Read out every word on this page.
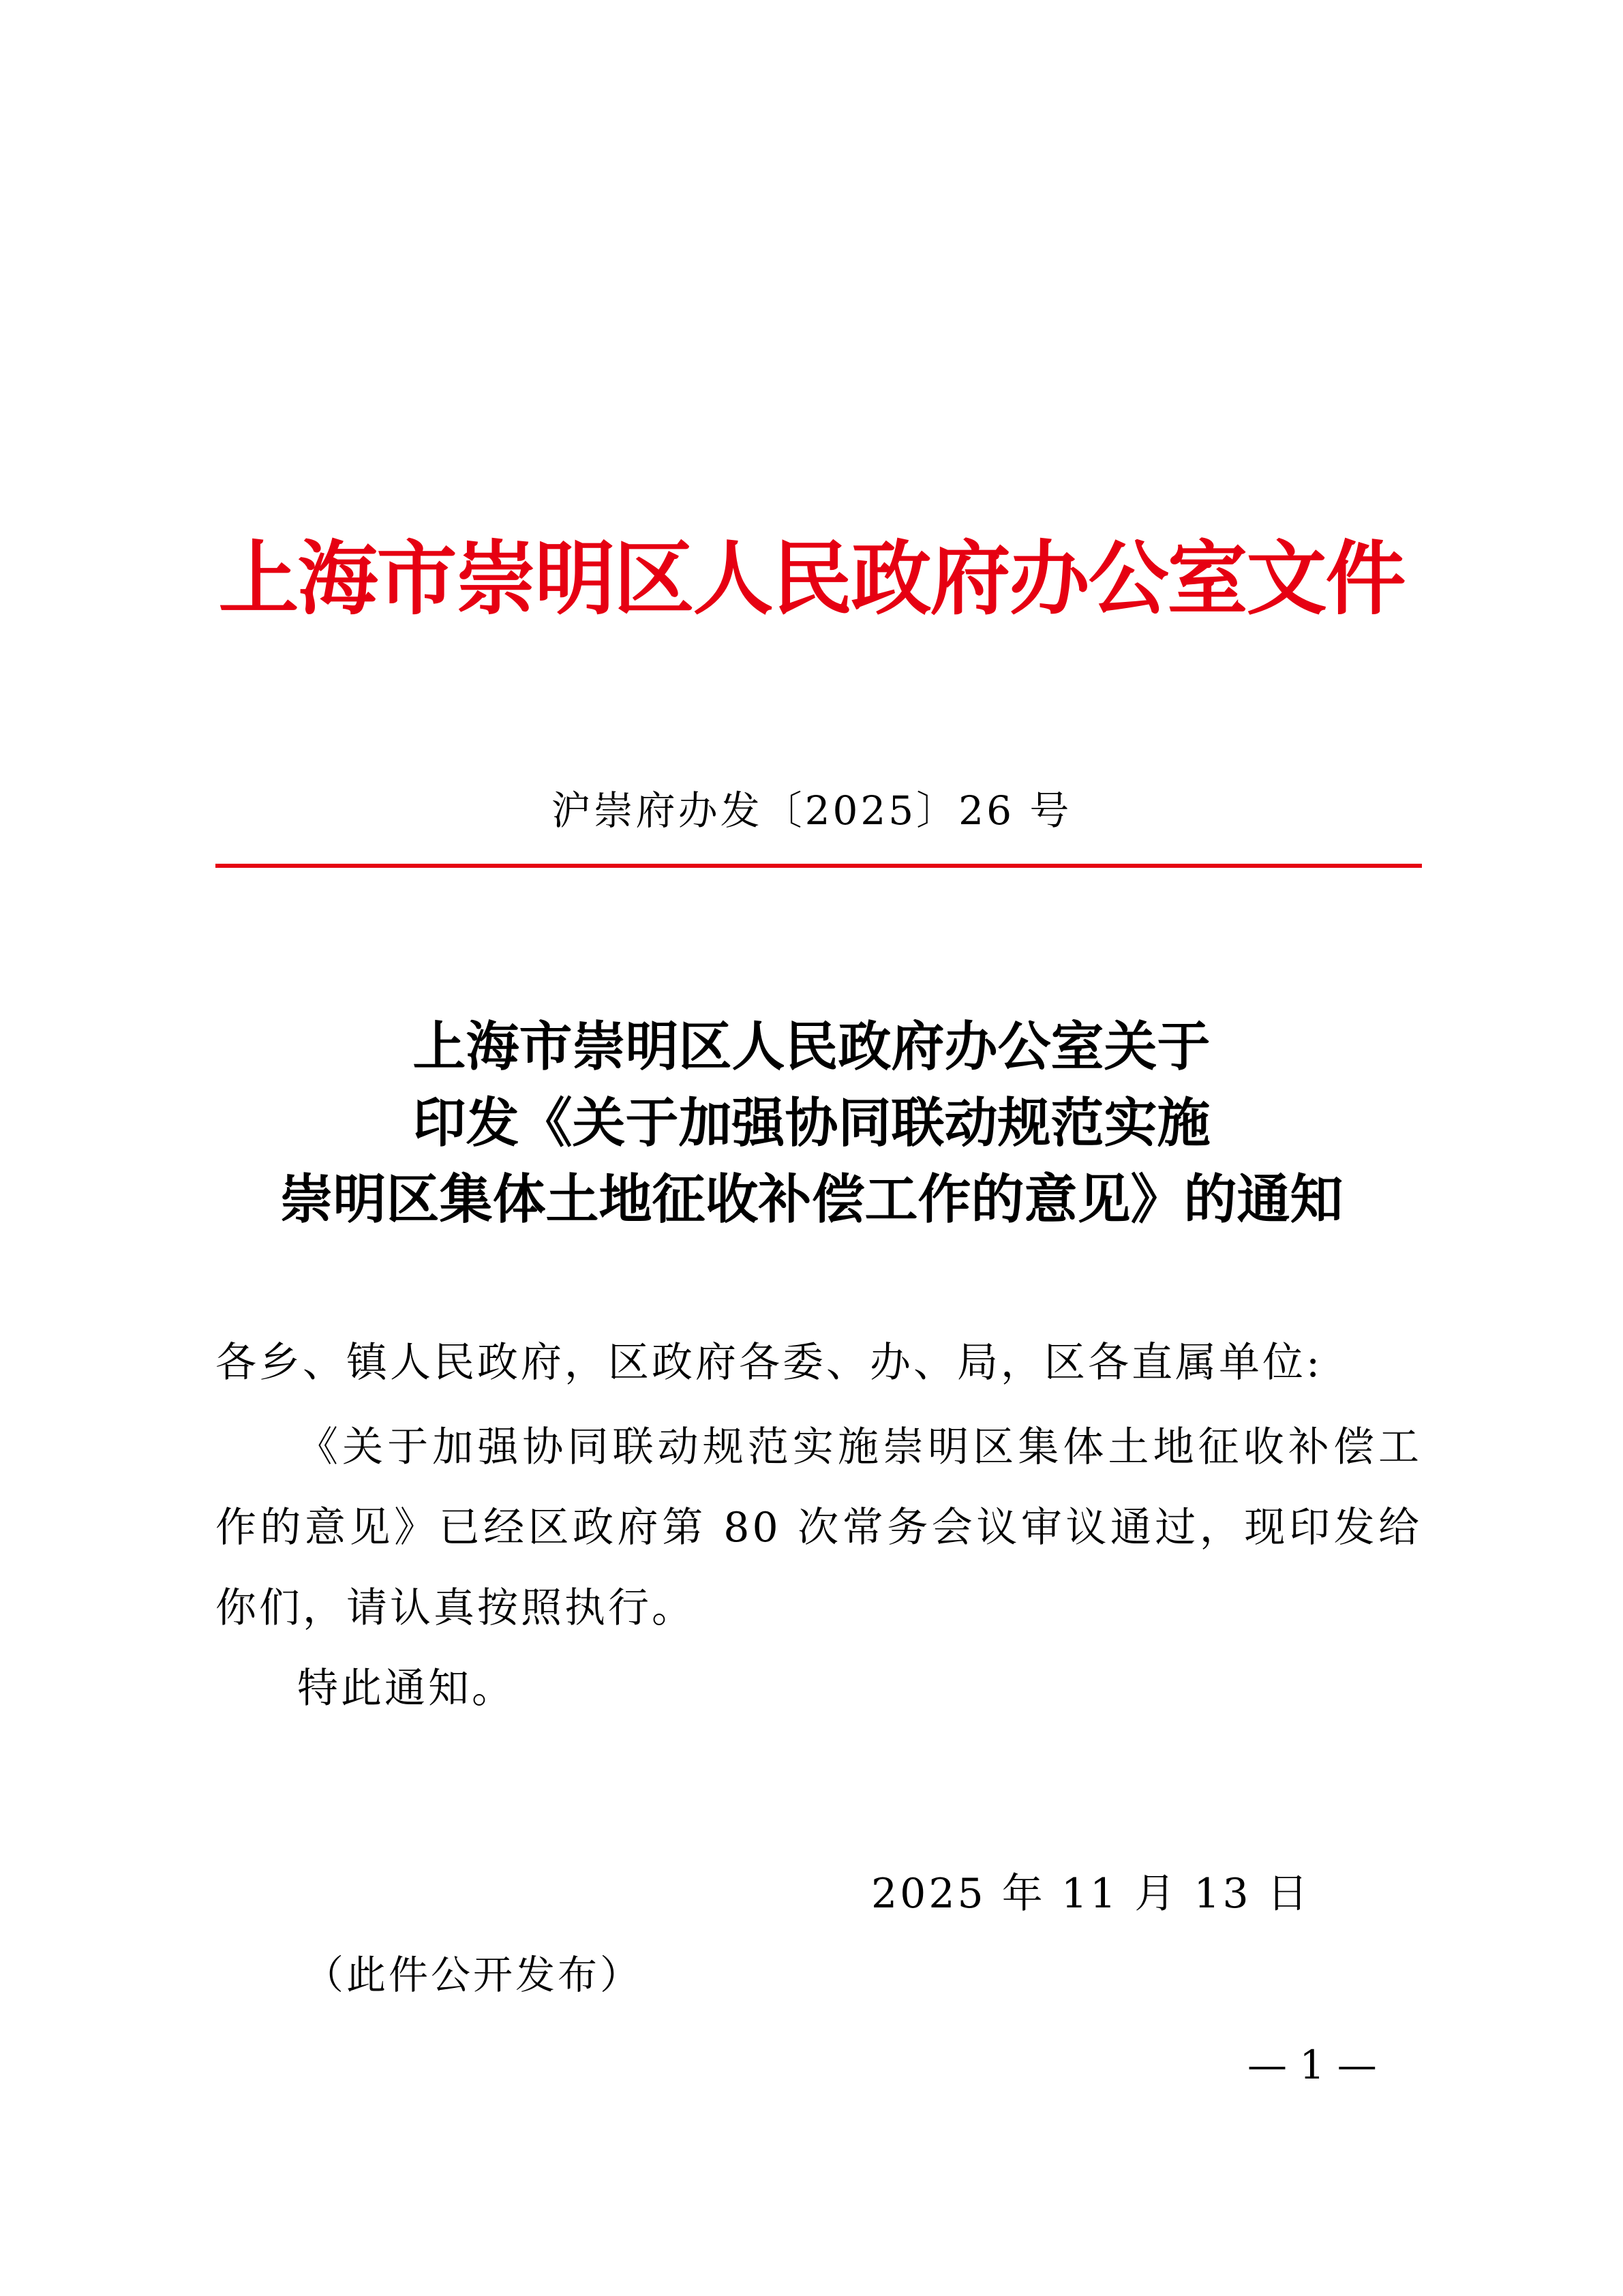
上海市崇明区人民政府办公室文件
沪崇府办发〔2025〕26 号
上海市崇明区人民政府办公室关于
印发《关于加强协同联动规范实施
崇明区集体土地征收补偿工作的意见》的通知
各乡、镇人民政府，区政府各委、办、局，区各直属单位:
《关于加强协同联动规范实施崇明区集体土地征收补偿工作的意见》已经区政府第 80 次常务会议审议通过，现印发给你们，请认真按照执行。
特此通知。
2025 年 11 月 13 日
（此件公开发布）
— 1 —
